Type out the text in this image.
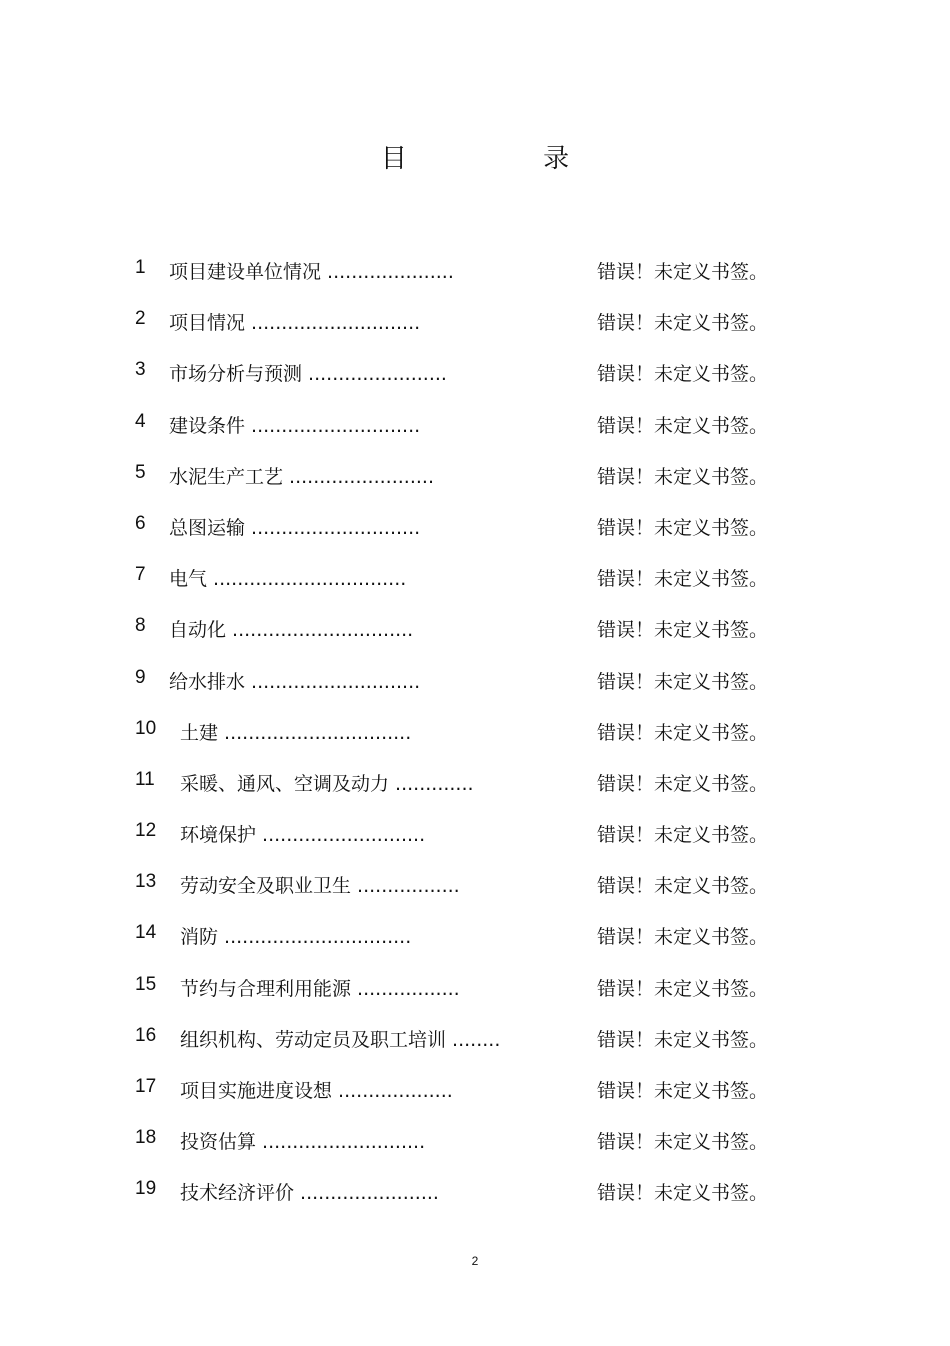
目 录
1 项目建设单位情况 .....................	错误！未定义书签。
2 项目情况 ............................	错误！未定义书签。
3 市场分析与预测 .......................	错误！未定义书签。
4 建设条件 ............................	错误！未定义书签。
5 水泥生产工艺 ........................	错误！未定义书签。
6 总图运输 ............................	错误！未定义书签。
7 电气 ................................	错误！未定义书签。
8 自动化 ..............................	错误！未定义书签。
9 给水排水 ............................	错误！未定义书签。
10 土建 ...............................	错误！未定义书签。
11 采暖、通风、空调及动力 .............	错误！未定义书签。
12 环境保护 ...........................	错误！未定义书签。
13 劳动安全及职业卫生 .................	错误！未定义书签。
14 消防 ...............................	错误！未定义书签。
15 节约与合理利用能源 .................	错误！未定义书签。
16 组织机构、劳动定员及职工培训 ........	错误！未定义书签。
17 项目实施进度设想 ...................	错误！未定义书签。
18 投资估算 ...........................	错误！未定义书签。
19 技术经济评价 .......................	错误！未定义书签。
2
